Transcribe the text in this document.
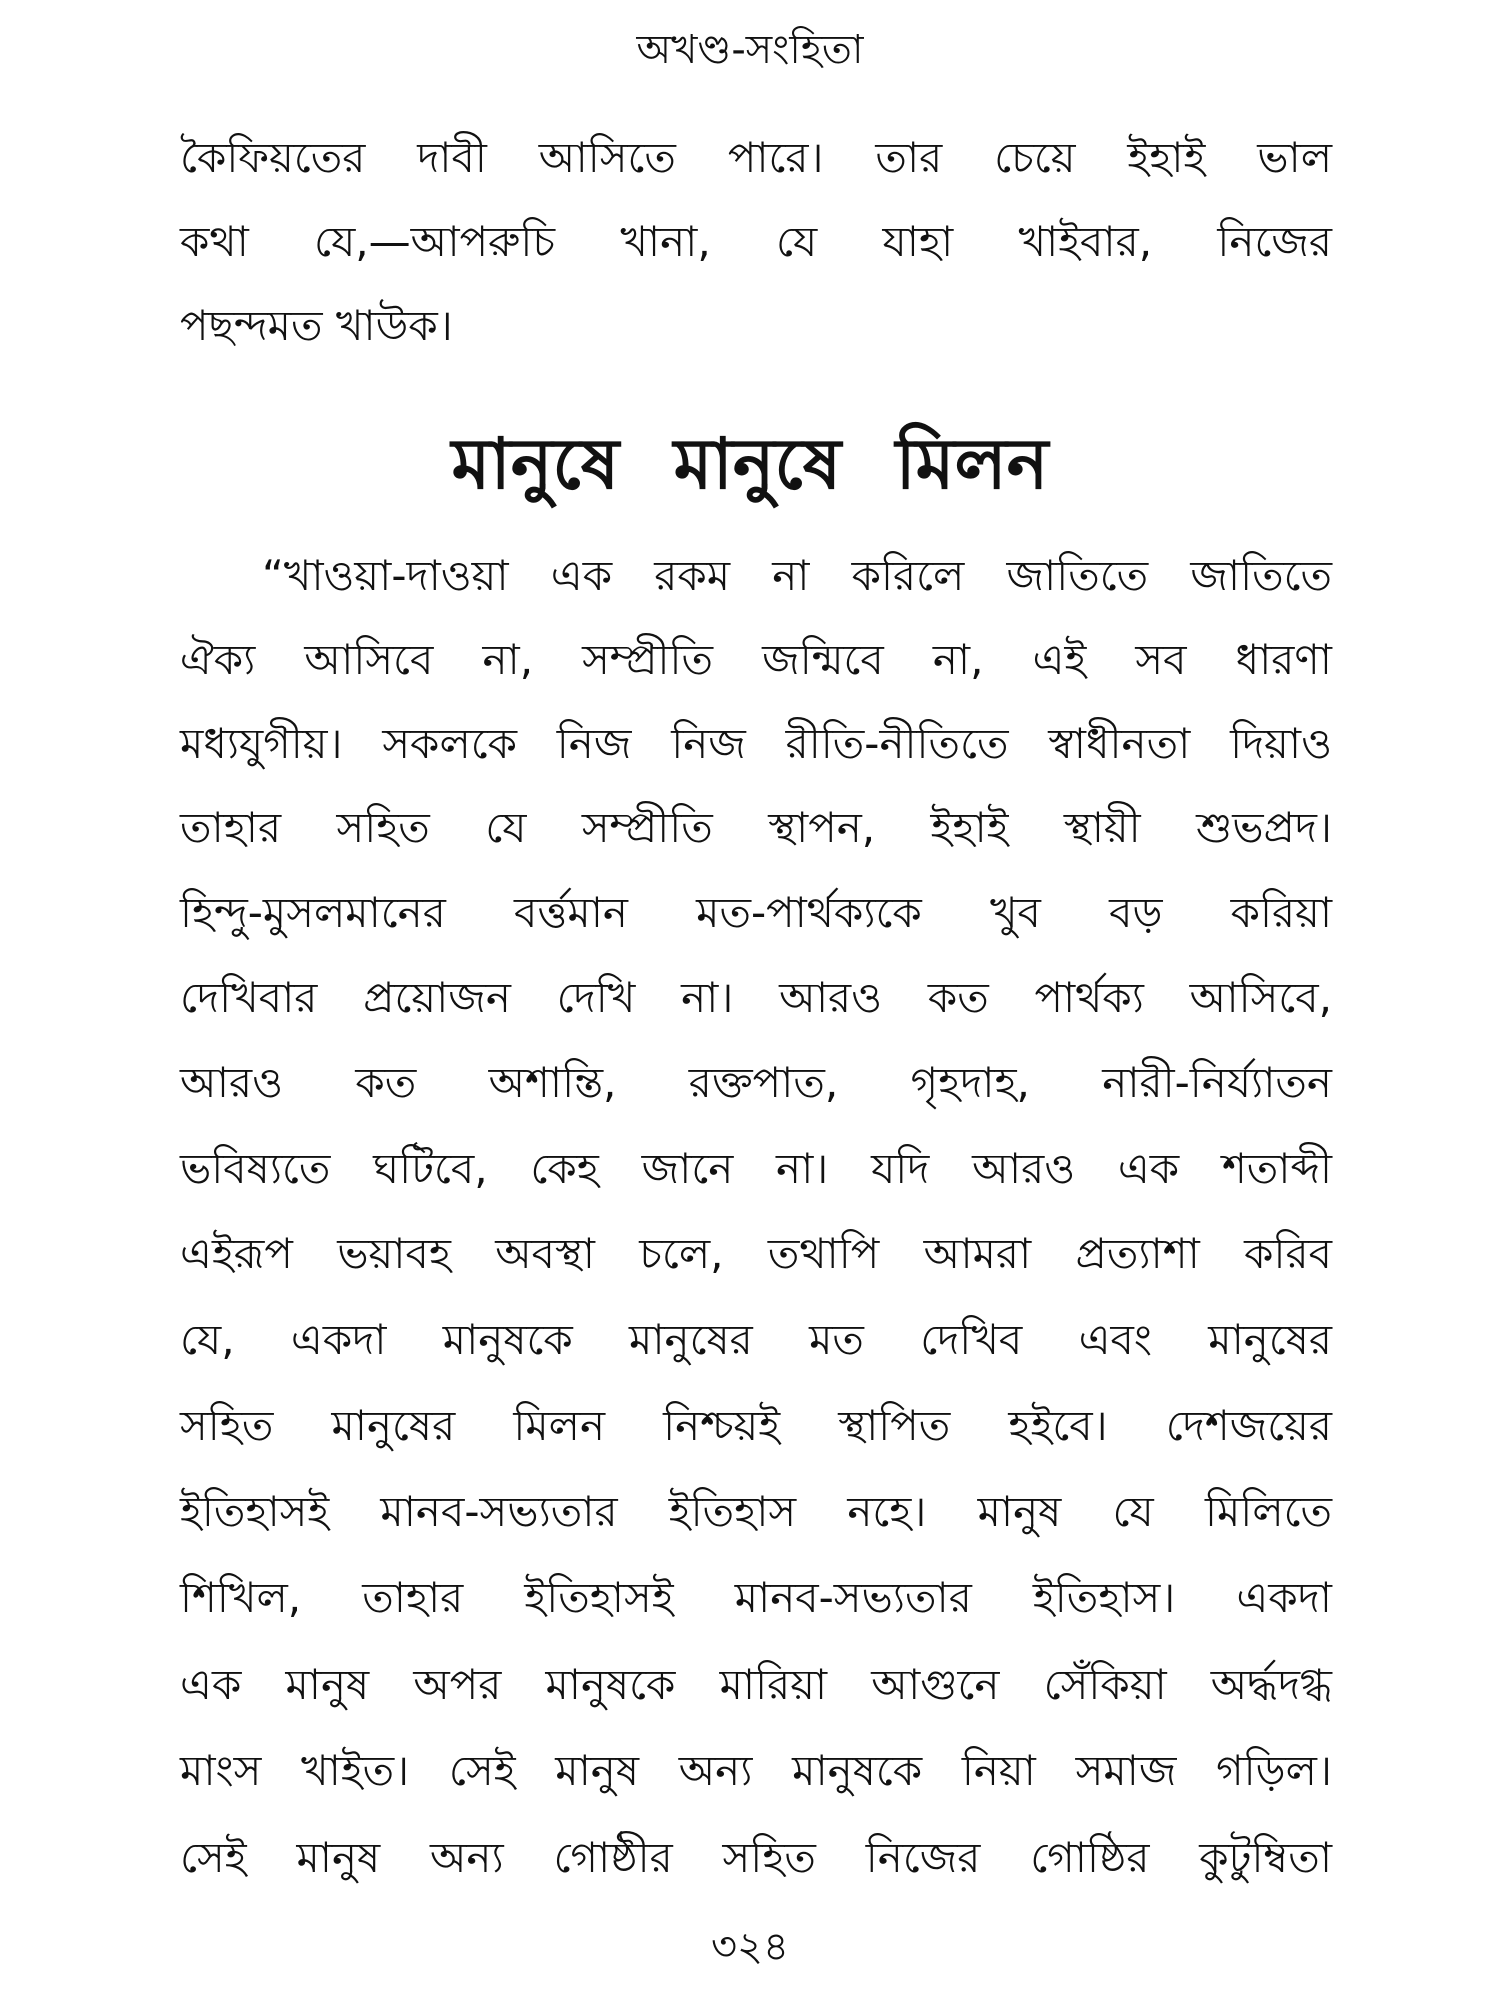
অখণ্ড-সংহিতা
কৈফিয়তের দাবী আসিতে পারে। তার চেয়ে ইহাই ভাল
কথা যে,—আপরুচি খানা, যে যাহা খাইবার, নিজের
পছন্দমত খাউক।
মানুষে মানুষে মিলন
“খাওয়া-দাওয়া এক রকম না করিলে জাতিতে জাতিতে
ঐক্য আসিবে না, সম্প্রীতি জন্মিবে না, এই সব ধারণা
মধ্যযুগীয়। সকলকে নিজ নিজ রীতি-নীতিতে স্বাধীনতা দিয়াও
তাহার সহিত যে সম্প্রীতি স্থাপন, ইহাই স্থায়ী শুভপ্রদ।
হিন্দু-মুসলমানের বর্ত্তমান মত-পার্থক্যকে খুব বড় করিয়া
দেখিবার প্রয়োজন দেখি না। আরও কত পার্থক্য আসিবে,
আরও কত অশান্তি, রক্তপাত, গৃহদাহ, নারী-নির্য্যাতন
ভবিষ্যতে ঘটিবে, কেহ জানে না। যদি আরও এক শতাব্দী
এইরূপ ভয়াবহ অবস্থা চলে, তথাপি আমরা প্রত্যাশা করিব
যে, একদা মানুষকে মানুষের মত দেখিব এবং মানুষের
সহিত মানুষের মিলন নিশ্চয়ই স্থাপিত হইবে। দেশজয়ের
ইতিহাসই মানব-সভ্যতার ইতিহাস নহে। মানুষ যে মিলিতে
শিখিল, তাহার ইতিহাসই মানব-সভ্যতার ইতিহাস। একদা
এক মানুষ অপর মানুষকে মারিয়া আগুনে সেঁকিয়া অর্দ্ধদগ্ধ
মাংস খাইত। সেই মানুষ অন্য মানুষকে নিয়া সমাজ গড়িল।
সেই মানুষ অন্য গোষ্ঠীর সহিত নিজের গোষ্ঠির কুটুম্বিতা
৩২৪
